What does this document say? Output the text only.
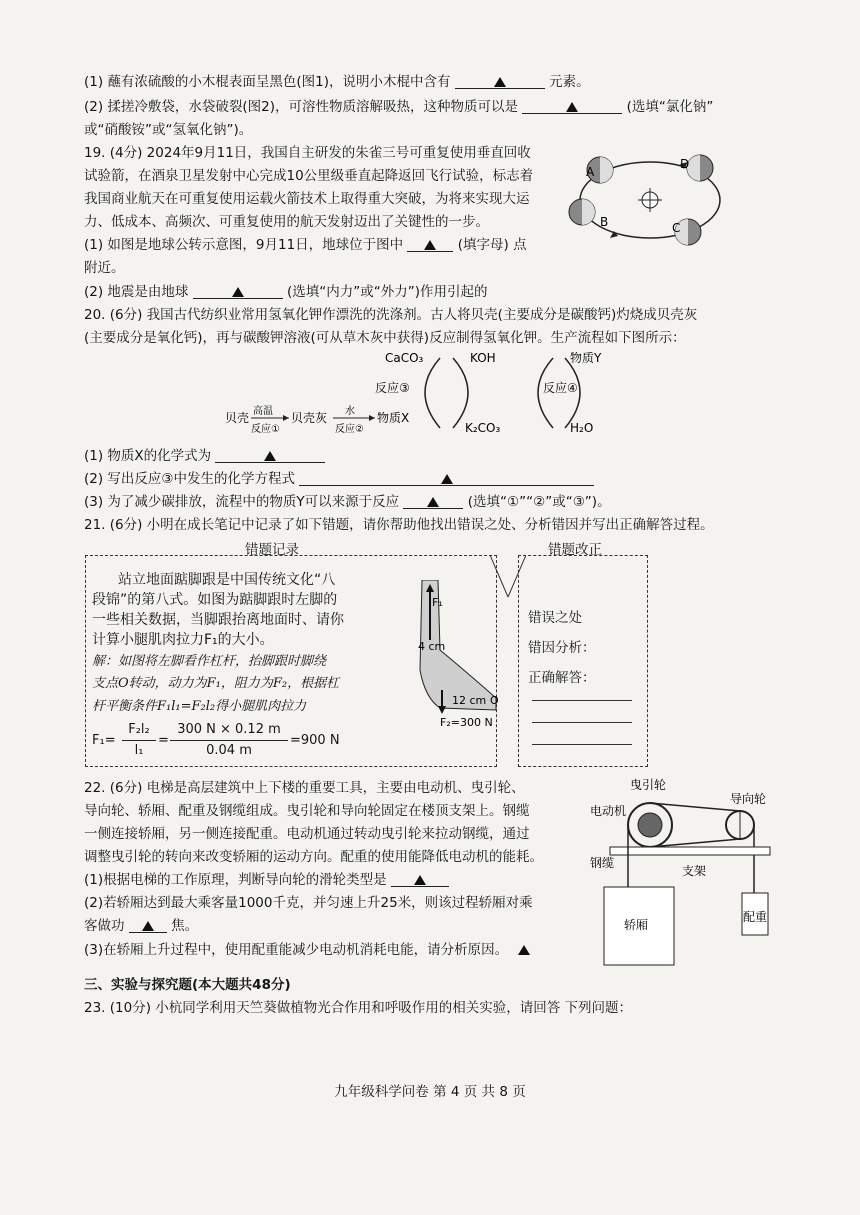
(1) 蘸有浓硫酸的小木棍表面呈黑色(图1)，说明小木棍中含有	元素。
(2) 揉搓冷敷袋，水袋破裂(图2)，可溶性物质溶解吸热，这种物质可以是	(选填“氯化钠”
或“硝酸铵”或“氢氧化钠”)。
19. (4分) 2024年9月11日，我国自主研发的朱雀三号可重复使用垂直回收
试验箭，在酒泉卫星发射中心完成10公里级垂直起降返回飞行试验，标志着
我国商业航天在可重复使用运载火箭技术上取得重大突破，为将来实现大运
力、低成本、高频次、可重复使用的航天发射迈出了关键性的一步。
(1) 如图是地球公转示意图，9月11日，地球位于图中	(填字母) 点
附近。
(2) 地震是由地球	(选填“内力”或“外力”)作用引起的
A
B	C
D
20. (6分) 我国古代纺织业常用氢氧化钾作漂洗的洗涤剂。古人将贝壳(主要成分是碳酸钙)灼烧成贝壳灰
(主要成分是氧化钙)，再与碳酸钾溶液(可从草木灰中获得)反应制得氢氧化钾。生产流程如下图所示：
CaCO₃	KOH	物质Y
反应③	反应④
贝壳 高温
反应①
贝壳灰 水
反应②
物质X
K₂CO₃	H₂O
(1) 物质X的化学式为
(2) 写出反应③中发生的化学方程式
(3) 为了减少碳排放，流程中的物质Y可以来源于反应	(选填“①”“②”或“③”)。
21. (6分) 小明在成长笔记中记录了如下错题，请你帮助他找出错误之处、分析错因并写出正确解答过程。
错题记录	错题改正
站立地面踮脚跟是中国传统文化“八
段锦”的第八式。如图为踮脚跟时左脚的
一些相关数据，当脚跟抬离地面时、请你
计算小腿肌肉拉力F₁的大小。
解：如图将左脚看作杠杆，抬脚跟时脚绕
支点O转动，动力为F₁，阻力为F₂，根据杠
杆平衡条件F₁l₁=F₂l₂得小腿肌肉拉力
F₁=
F₂l₂
l₁
=
300 N × 0.12 m
0.04 m
=900 N
F₁
4 cm
12 cm O
F₂=300 N
错误之处
错因分析：
正确解答：
22. (6分) 电梯是高层建筑中上下楼的重要工具，主要由电动机、曳引轮、
导向轮、轿厢、配重及钢缆组成。曳引轮和导向轮固定在楼顶支架上。钢缆
一侧连接轿厢，另一侧连接配重。电动机通过转动曳引轮来拉动钢缆，通过
调整曳引轮的转向来改变轿厢的运动方向。配重的使用能降低电动机的能耗。
(1)根据电梯的工作原理，判断导向轮的滑轮类型是
(2)若轿厢达到最大乘客量1000千克，并匀速上升25米，则该过程轿厢对乘
客做功	焦。
(3)在轿厢上升过程中，使用配重能减少电动机消耗电能，请分析原因。
曳引轮
导向轮
电动机
钢缆
支架
配重
轿厢
三、实验与探究题(本大题共48分)
23. (10分) 小杭同学利用天竺葵做植物光合作用和呼吸作用的相关实验，请回答 下列问题：
九年级科学问卷 第 4 页 共 8 页
